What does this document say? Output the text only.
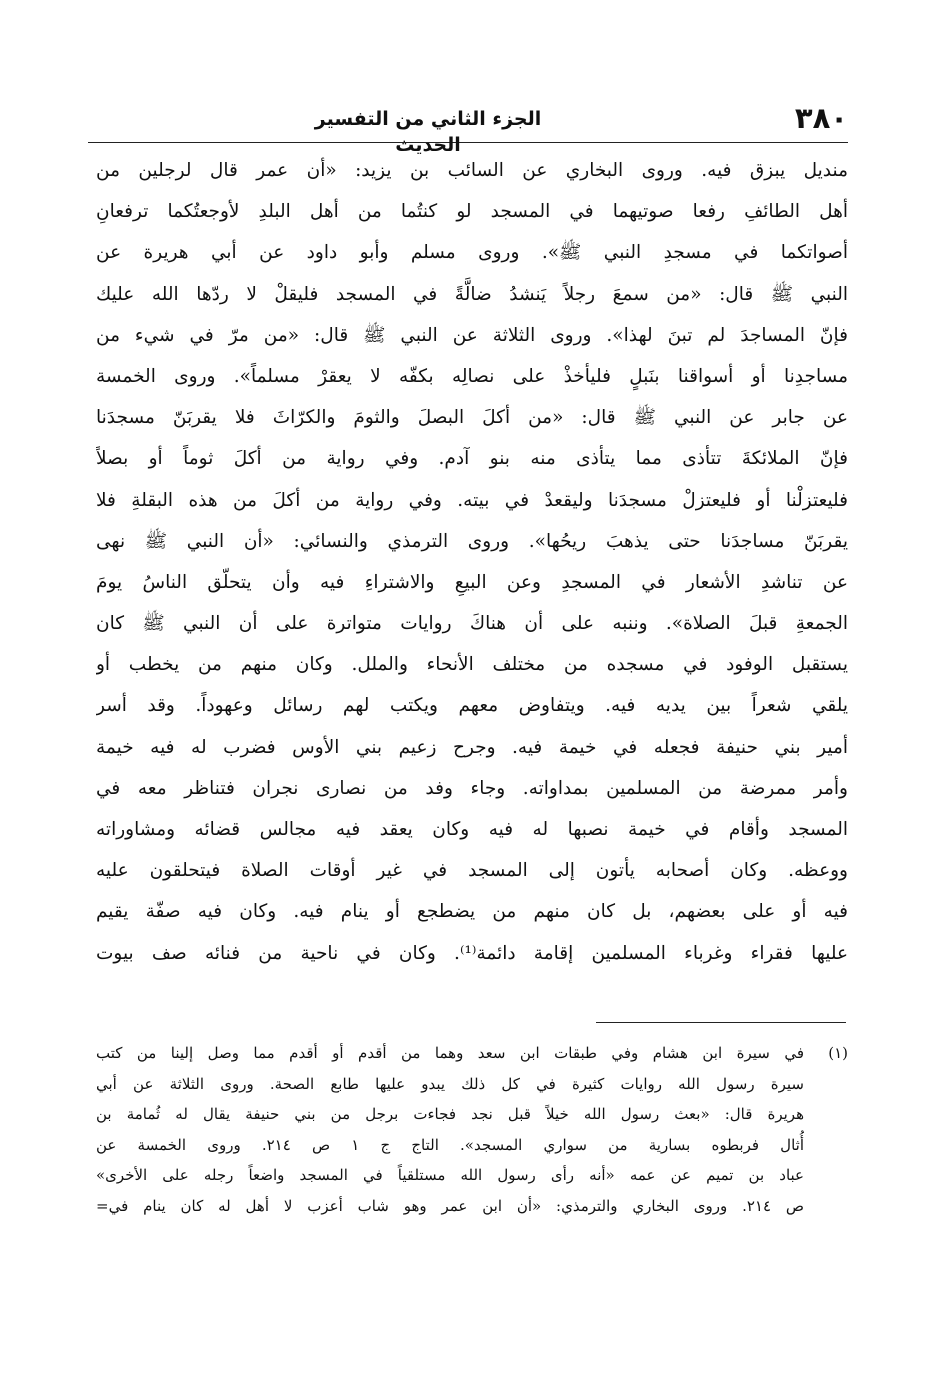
٣٨٠
الجزء الثاني من التفسير الحديث
منديل يبزق فيه. وروى البخاري عن السائب بن يزيد: «أن عمر قال لرجلين من
أهل الطائفِ رفعا صوتيهما في المسجد لو كنتُما من أهل البلدِ لأوجعتُكما ترفعانِ
أصواتكما في مسجدِ النبي ﷺ». وروى مسلم وأبو داود عن أبي هريرة عن
النبي ﷺ قال: «من سمعَ رجلاً يَنشدُ ضالَّةً في المسجد فليقلْ لا ردّها الله عليك
فإنّ المساجدَ لم تبنَ لهذا». وروى الثلاثة عن النبي ﷺ قال: «من مرّ في شيء من
مساجدِنا أو أسواقنا بنَبلٍ فليأخذْ على نصالِه بكفّه لا يعقرْ مسلماً». وروى الخمسة
عن جابر عن النبي ﷺ قال: «من أكلَ البصلَ والثومَ والكرّاثَ فلا يقربَنّ مسجدَنا
فإنّ الملائكةَ تتأذى مما يتأذى منه بنو آدم. وفي رواية من أكلَ ثوماً أو بصلاً
فليعتزلْنا أو فليعتزلْ مسجدَنا وليقعدْ في بيته. وفي رواية من أكلَ من هذه البقلةِ فلا
يقربَنّ مساجدَنا حتى يذهبَ ريحُها». وروى الترمذي والنسائي: «أن النبي ﷺ نهى
عن تناشدِ الأشعار في المسجدِ وعن البيعِ والاشتراءِ فيه وأن يتحلّق الناسُ يومَ
الجمعةِ قبلَ الصلاة». وننبه على أن هناكَ روايات متواترة على أن النبي ﷺ كان
يستقبل الوفود في مسجده من مختلف الأنحاء والملل. وكان منهم من يخطب أو
يلقي شعراً بين يديه فيه. ويتفاوض معهم ويكتب لهم رسائل وعهوداً. وقد أسر
أمير بني حنيفة فجعله في خيمة فيه. وجرح زعيم بني الأوس فضرب له فيه خيمة
وأمر ممرضة من المسلمين بمداواته. وجاء وفد من نصارى نجران فتناظر معه في
المسجد وأقام في خيمة نصبها له فيه وكان يعقد فيه مجالس قضائه ومشاوراته
ووعظه. وكان أصحابه يأتون إلى المسجد في غير أوقات الصلاة فيتحلقون عليه
فيه أو على بعضهم، بل كان منهم من يضطجع أو ينام فيه. وكان فيه صفّة يقيم
عليها فقراء وغرباء المسلمين إقامة دائمة⁽¹⁾. وكان في ناحية من فنائه صف بيوت
(١)
في سيرة ابن هشام وفي طبقات ابن سعد وهما من أقدم أو أقدم مما وصل إلينا من كتب
سيرة رسول الله روايات كثيرة في كل ذلك يبدو عليها طابع الصحة. وروى الثلاثة عن أبي
هريرة قال: «بعث رسول الله خيلاً قبل نجد فجاءت برجل من بني حنيفة يقال له ثُمامة بن
أُثال فربطوه بسارية من سواري المسجد». التاج ج ١ ص ٢١٤. وروى الخمسة عن
عباد بن تميم عن عمه «أنه رأى رسول الله مستلقياً في المسجد واضعاً رجله على الأخرى»
ص ٢١٤. وروى البخاري والترمذي: «أن ابن عمر وهو شاب أعزب لا أهل له كان ينام في=
